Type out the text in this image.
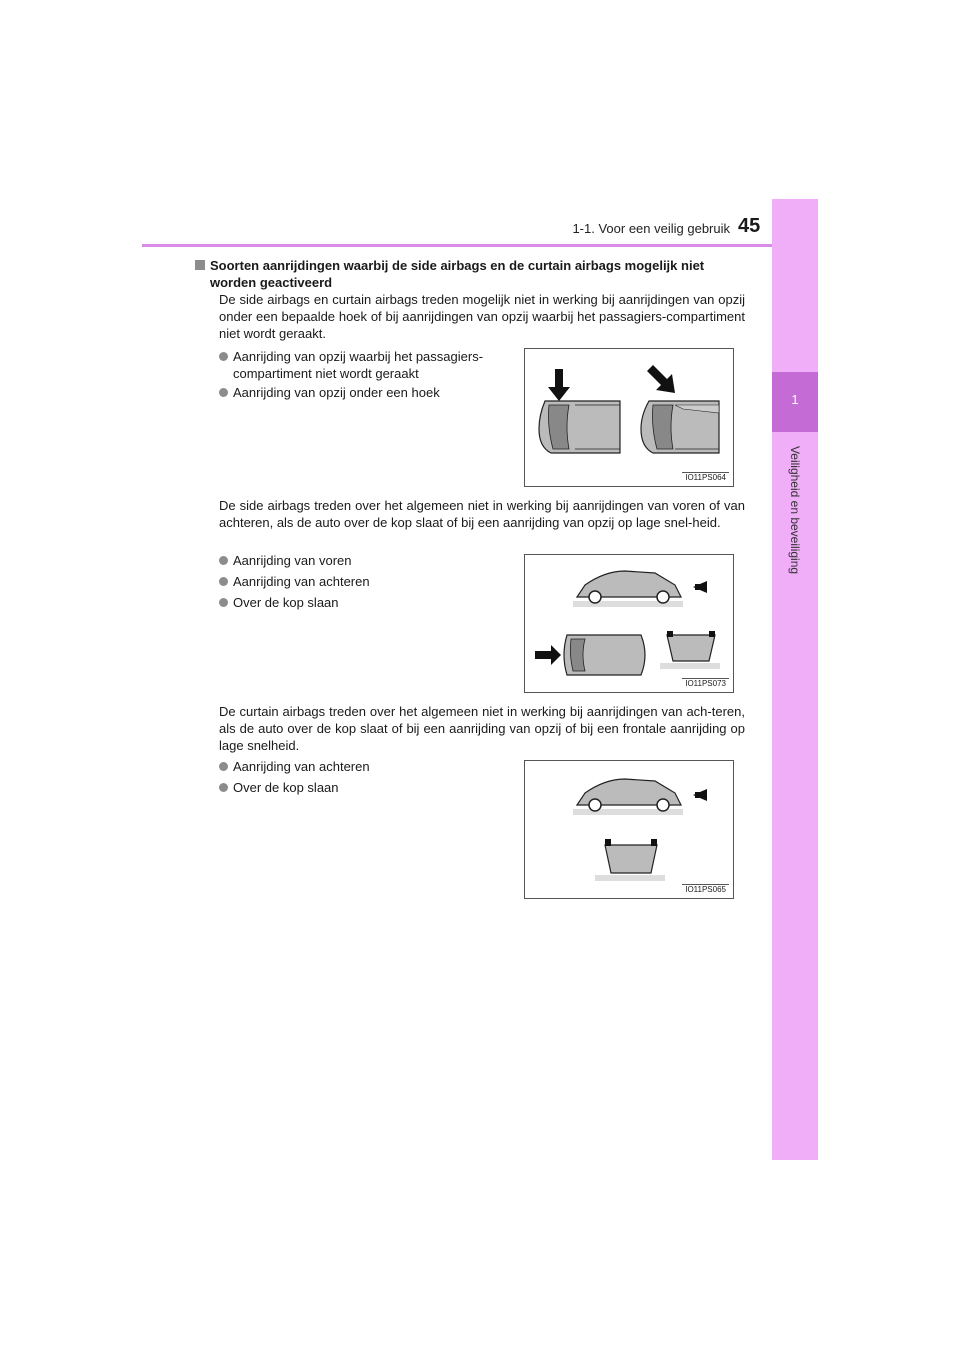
1-1. Voor een veilig gebruik 45
1
Veiligheid en beveiliging
Soorten aanrijdingen waarbij de side airbags en de curtain airbags mogelijk niet worden geactiveerd
De side airbags en curtain airbags treden mogelijk niet in werking bij aanrijdingen van opzij onder een bepaalde hoek of bij aanrijdingen van opzij waarbij het passagiers-compartiment niet wordt geraakt.
Aanrijding van opzij waarbij het passagiers-
compartiment niet wordt geraakt
Aanrijding van opzij onder een hoek
IO11PS064
De side airbags treden over het algemeen niet in werking bij aanrijdingen van voren of van achteren, als de auto over de kop slaat of bij een aanrijding van opzij op lage snel-heid.
Aanrijding van voren
Aanrijding van achteren
Over de kop slaan
IO11PS073
De curtain airbags treden over het algemeen niet in werking bij aanrijdingen van ach-teren, als de auto over de kop slaat of bij een aanrijding van opzij of bij een frontale aanrijding op lage snelheid.
Aanrijding van achteren
Over de kop slaan
IO11PS065
